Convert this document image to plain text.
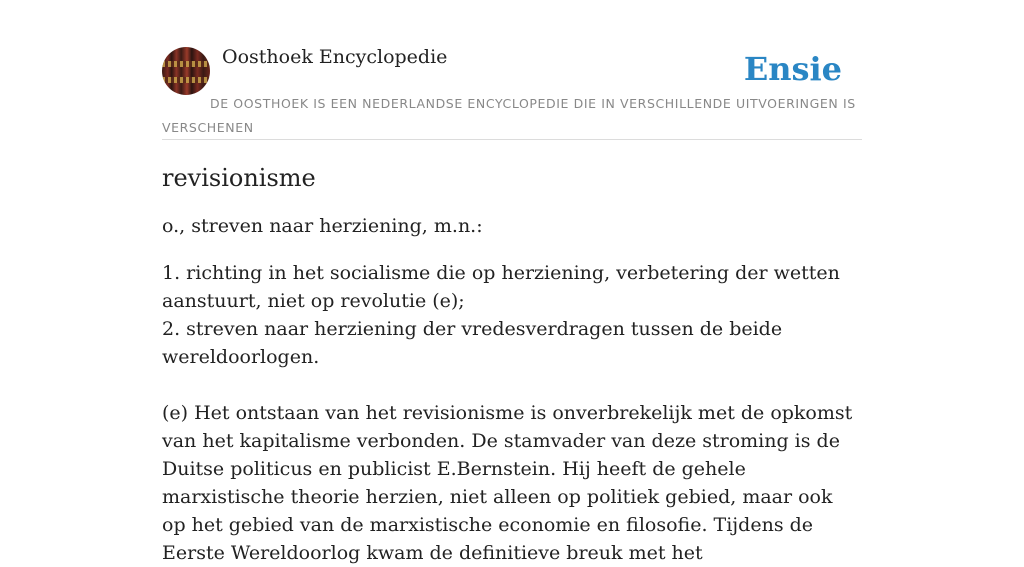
Oosthoek Encyclopedie	Ensie
DE OOSTHOEK IS EEN NEDERLANDSE ENCYCLOPEDIE DIE IN VERSCHILLENDE UITVOERINGEN IS VERSCHENEN
revisionisme

o., streven naar herziening, m.n.:

1. richting in het socialisme die op herziening, verbetering der wetten aanstuurt, niet op revolutie (e);

2. streven naar herziening der vredesverdragen tussen de beide wereldoorlogen.

(e) Het ontstaan van het revisionisme is onverbrekelijk met de opkomst van het kapitalisme verbonden. De stamvader van deze stroming is de Duitse politicus en publicist E.Bernstein. Hij heeft de gehele marxistische theorie herzien, niet alleen op politiek gebied, maar ook op het gebied van de marxistische economie en filosofie. Tijdens de Eerste Wereldoorlog kwam de definitieve breuk met het
